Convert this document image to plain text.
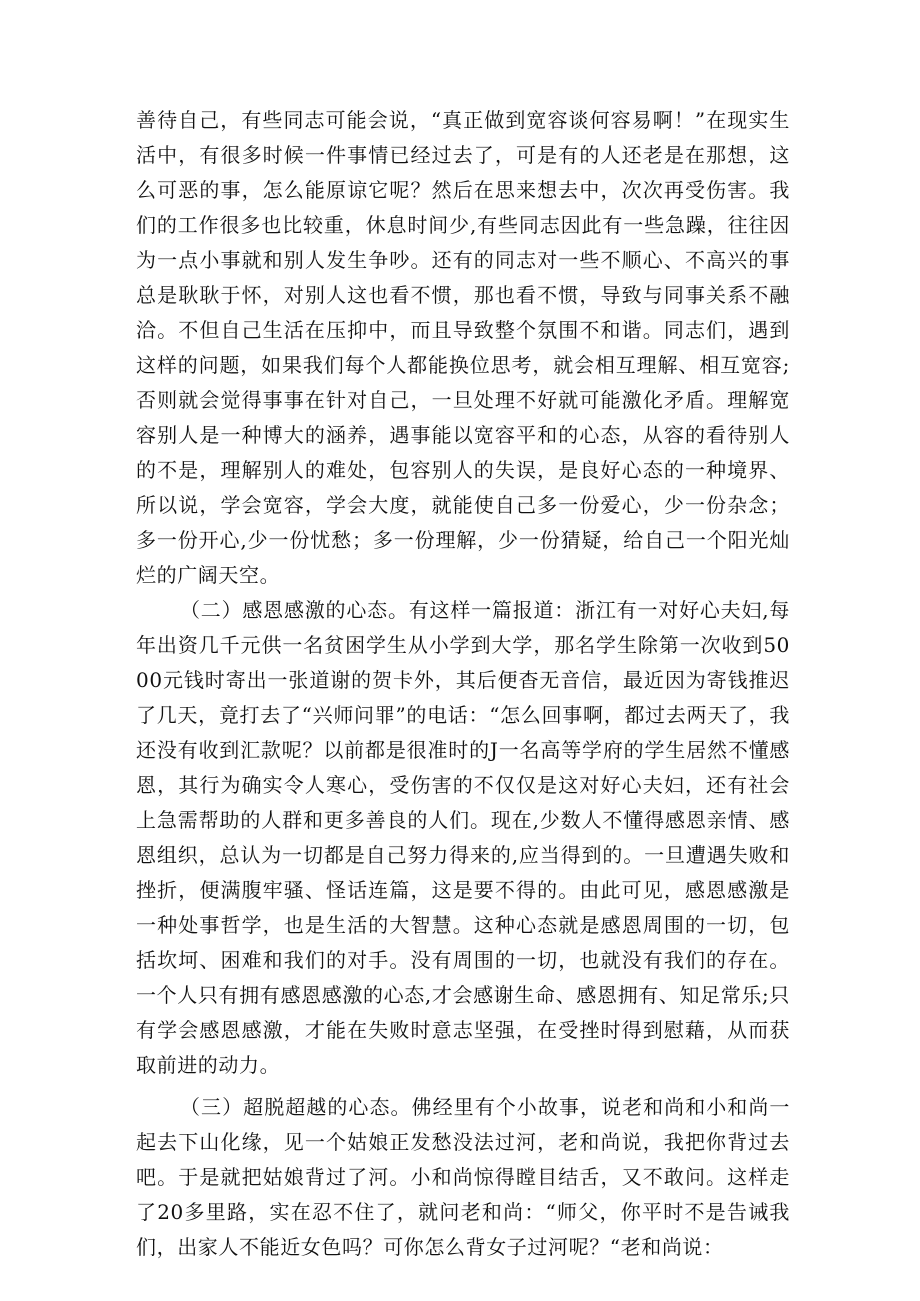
善待自己，有些同志可能会说，“真正做到宽容谈何容易啊！”在现实生活中，有很多时候一件事情已经过去了，可是有的人还老是在那想，这么可恶的事，怎么能原谅它呢？然后在思来想去中，次次再受伤害。我们的工作很多也比较重，休息时间少,有些同志因此有一些急躁，往往因为一点小事就和别人发生争吵。还有的同志对一些不顺心、不高兴的事总是耿耿于怀，对别人这也看不惯，那也看不惯，导致与同事关系不融洽。不但自己生活在压抑中，而且导致整个氛围不和谐。同志们，遇到这样的问题，如果我们每个人都能换位思考，就会相互理解、相互宽容;否则就会觉得事事在针对自己，一旦处理不好就可能激化矛盾。理解宽容别人是一种博大的涵养，遇事能以宽容平和的心态，从容的看待别人的不是，理解别人的难处，包容别人的失误，是良好心态的一种境界、所以说，学会宽容，学会大度，就能使自己多一份爱心，少一份杂念；多一份开心,少一份忧愁；多一份理解，少一份猜疑，给自己一个阳光灿烂的广阔天空。

（二）感恩感激的心态。有这样一篇报道：浙江有一对好心夫妇,每年出资几千元供一名贫困学生从小学到大学，那名学生除第一次收到5000元钱时寄出一张道谢的贺卡外，其后便杳无音信，最近因为寄钱推迟了几天，竟打去了“兴师问罪”的电话：“怎么回事啊，都过去两天了，我还没有收到汇款呢？以前都是很准时的J一名高等学府的学生居然不懂感恩，其行为确实令人寒心，受伤害的不仅仅是这对好心夫妇，还有社会上急需帮助的人群和更多善良的人们。现在,少数人不懂得感恩亲情、感恩组织，总认为一切都是自己努力得来的,应当得到的。一旦遭遇失败和挫折，便满腹牢骚、怪话连篇，这是要不得的。由此可见，感恩感激是一种处事哲学，也是生活的大智慧。这种心态就是感恩周围的一切，包括坎坷、困难和我们的对手。没有周围的一切，也就没有我们的存在。一个人只有拥有感恩感激的心态,才会感谢生命、感恩拥有、知足常乐;只有学会感恩感激，才能在失败时意志坚强，在受挫时得到慰藉，从而获取前进的动力。

（三）超脱超越的心态。佛经里有个小故事，说老和尚和小和尚一起去下山化缘，见一个姑娘正发愁没法过河，老和尚说，我把你背过去吧。于是就把姑娘背过了河。小和尚惊得瞠目结舌，又不敢问。这样走了20多里路，实在忍不住了，就问老和尚：“师父，你平时不是告诫我们，出家人不能近女色吗？可你怎么背女子过河呢？“老和尚说：
